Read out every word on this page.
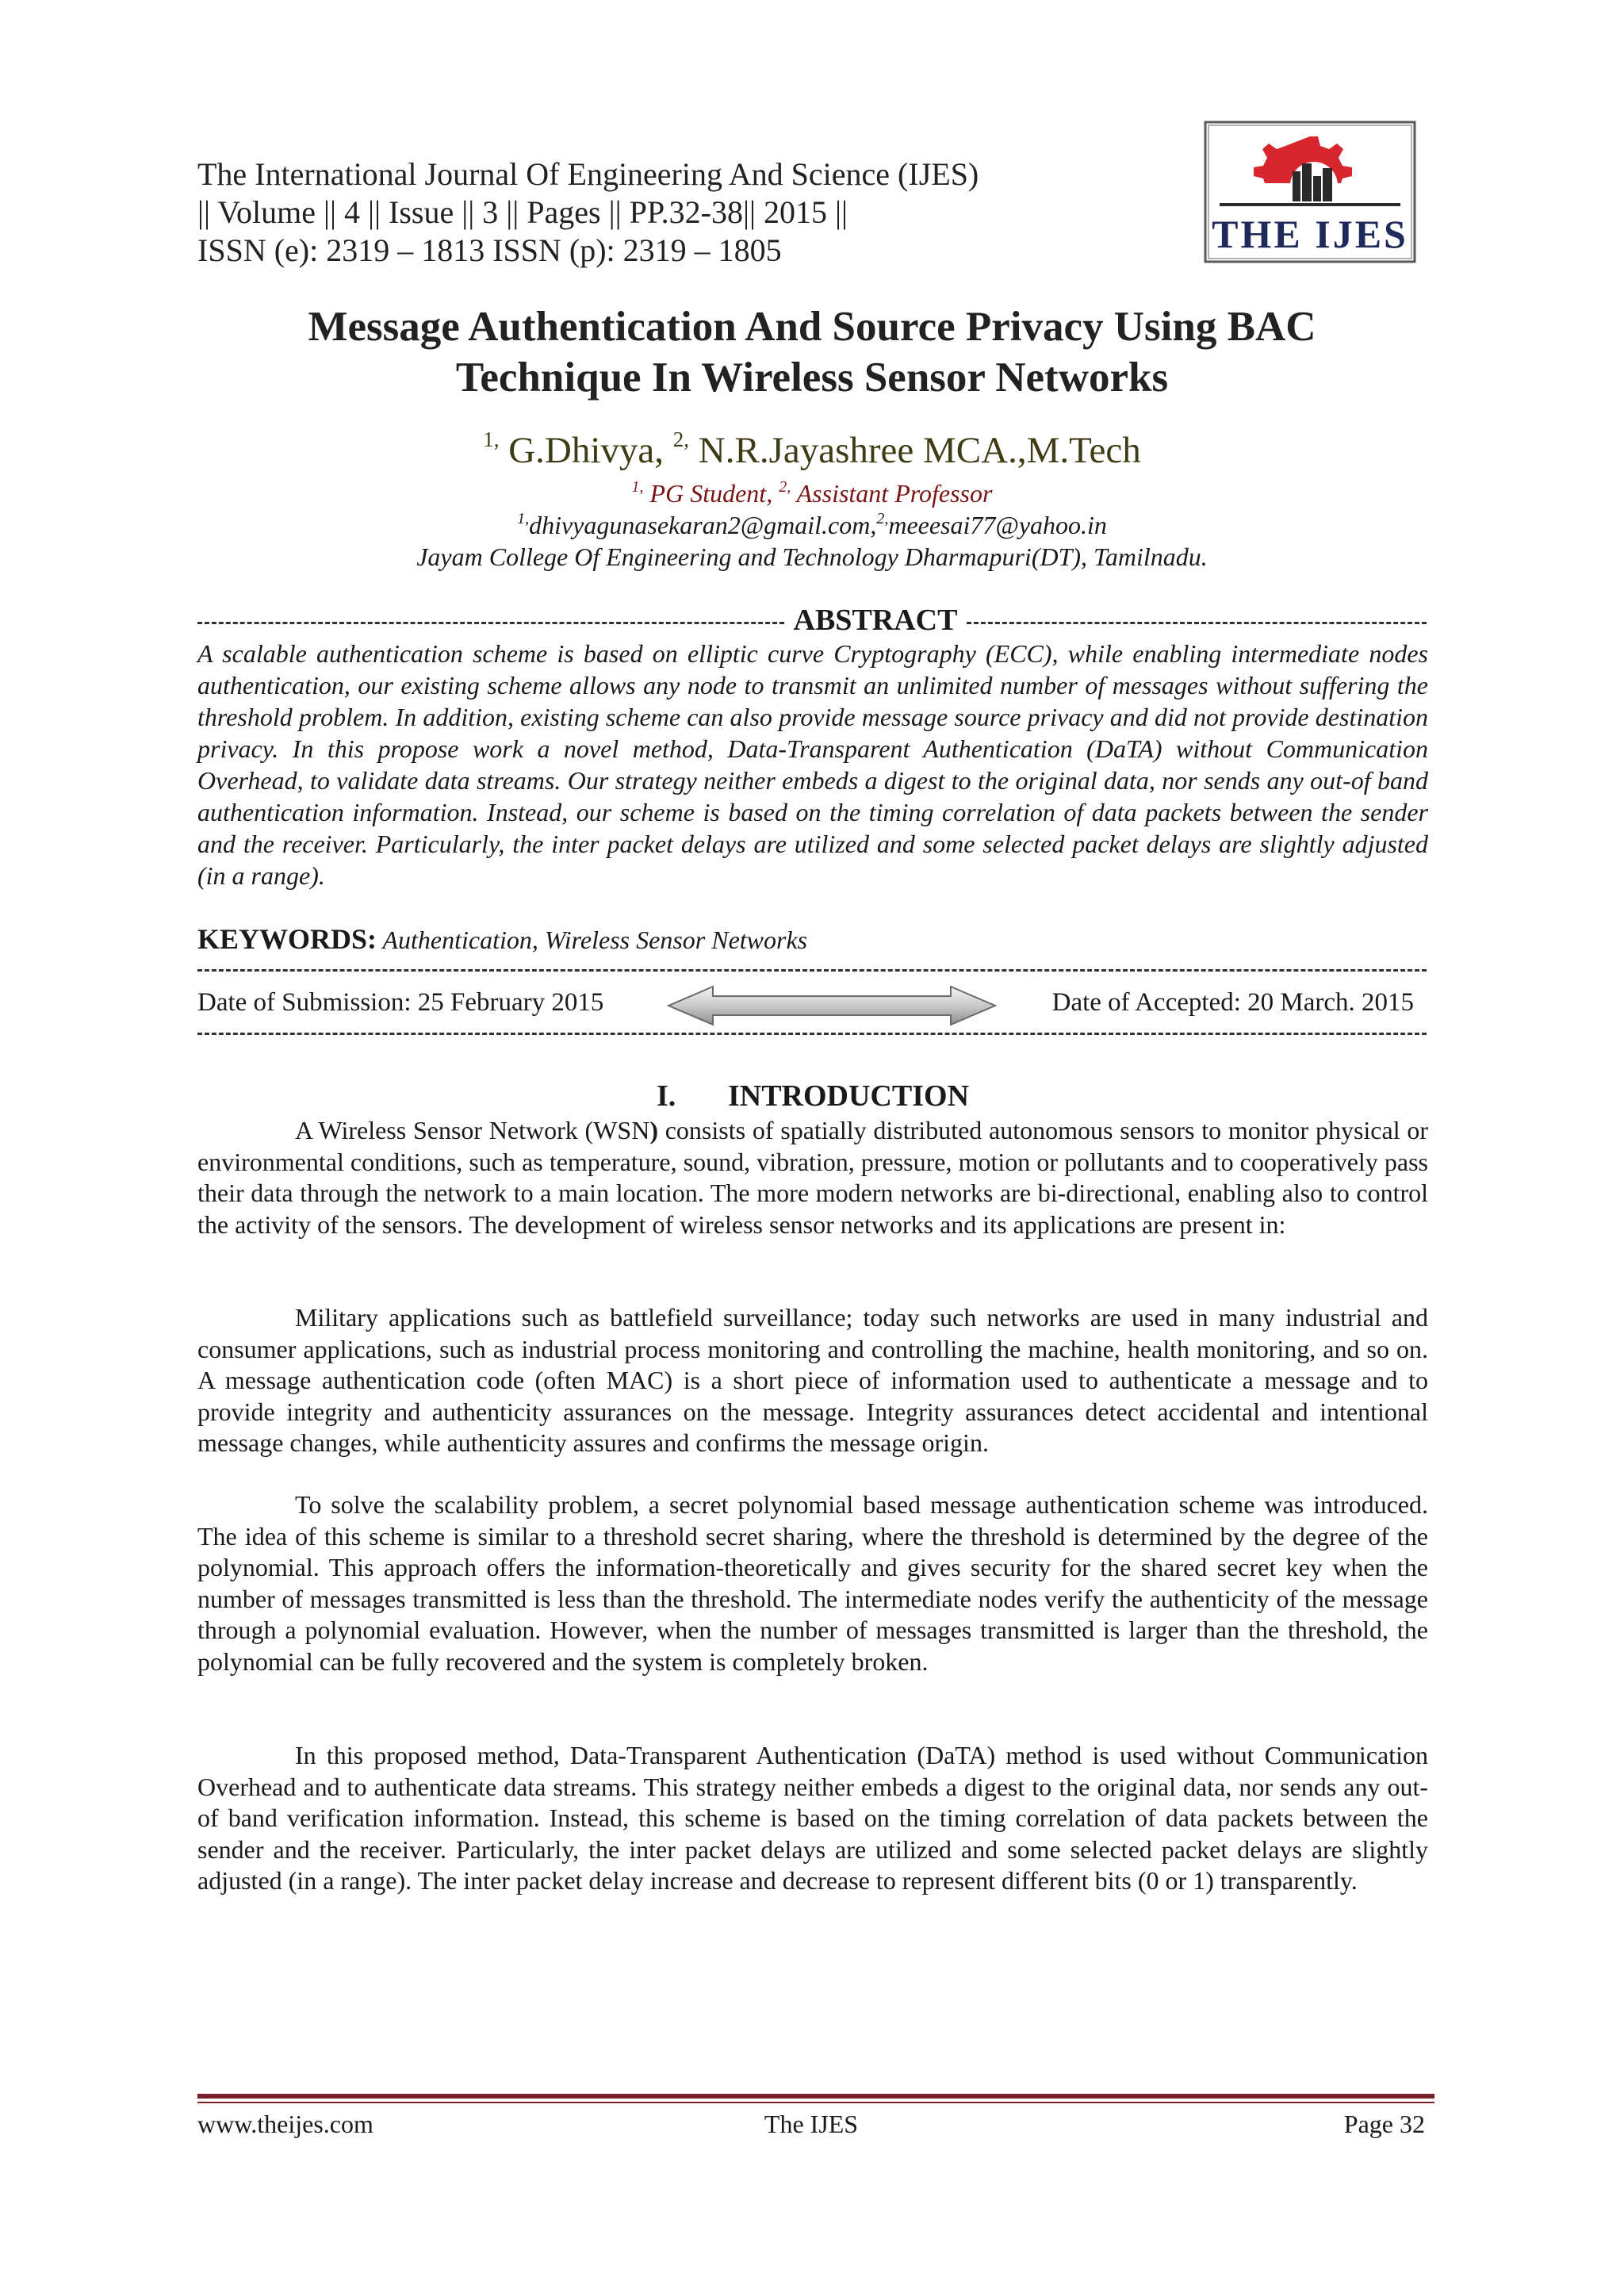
The International Journal Of Engineering And Science (IJES)
|| Volume || 4 || Issue || 3 || Pages || PP.32-38|| 2015 ||
ISSN (e): 2319 – 1813 ISSN (p): 2319 – 1805	THE IJES
Message Authentication And Source Privacy Using BAC
Technique In Wireless Sensor Networks
$^{1,}$ G.Dhivya, $^{2,}$ N.R.Jayashree MCA.,M.Tech
$^{1,}$ PG Student, $^{2,}$ Assistant Professor
$^{1,}$dhivyagunasekaran2@gmail.com,$^{2,}$meeesai77@yahoo.in
Jayam College Of Engineering and Technology Dharmapuri(DT), Tamilnadu.
ABSTRACT
A scalable authentication scheme is based on elliptic curve Cryptography (ECC), while enabling intermediate nodes authentication, our existing scheme allows any node to transmit an unlimited number of messages without suffering the threshold problem. In addition, existing scheme can also provide message source privacy and did not provide destination privacy. In this propose work a novel method, Data-Transparent Authentication (DaTA) without Communication Overhead, to validate data streams. Our strategy neither embeds a digest to the original data, nor sends any out-of band authentication information. Instead, our scheme is based on the timing correlation of data packets between the sender and the receiver. Particularly, the inter packet delays are utilized and some selected packet delays are slightly adjusted (in a range).
KEYWORDS: Authentication, Wireless Sensor Networks
Date of Submission: 25 February 2015	Date of Accepted: 20 March. 2015
I. INTRODUCTION
A Wireless Sensor Network (WSN) consists of spatially distributed autonomous sensors to monitor physical or environmental conditions, such as temperature, sound, vibration, pressure, motion or pollutants and to cooperatively pass their data through the network to a main location. The more modern networks are bi-directional, enabling also to control the activity of the sensors. The development of wireless sensor networks and its applications are present in:
Military applications such as battlefield surveillance; today such networks are used in many industrial and consumer applications, such as industrial process monitoring and controlling the machine, health monitoring, and so on. A message authentication code (often MAC) is a short piece of information used to authenticate a message and to provide integrity and authenticity assurances on the message. Integrity assurances detect accidental and intentional message changes, while authenticity assures and confirms the message origin.
To solve the scalability problem, a secret polynomial based message authentication scheme was introduced. The idea of this scheme is similar to a threshold secret sharing, where the threshold is determined by the degree of the polynomial. This approach offers the information-theoretically and gives security for the shared secret key when the number of messages transmitted is less than the threshold. The intermediate nodes verify the authenticity of the message through a polynomial evaluation. However, when the number of messages transmitted is larger than the threshold, the polynomial can be fully recovered and the system is completely broken.
In this proposed method, Data-Transparent Authentication (DaTA) method is used without Communication Overhead and to authenticate data streams. This strategy neither embeds a digest to the original data, nor sends any out-of band verification information. Instead, this scheme is based on the timing correlation of data packets between the sender and the receiver. Particularly, the inter packet delays are utilized and some selected packet delays are slightly adjusted (in a range). The inter packet delay increase and decrease to represent different bits (0 or 1) transparently.
www.theijes.com	The IJES	Page 32
